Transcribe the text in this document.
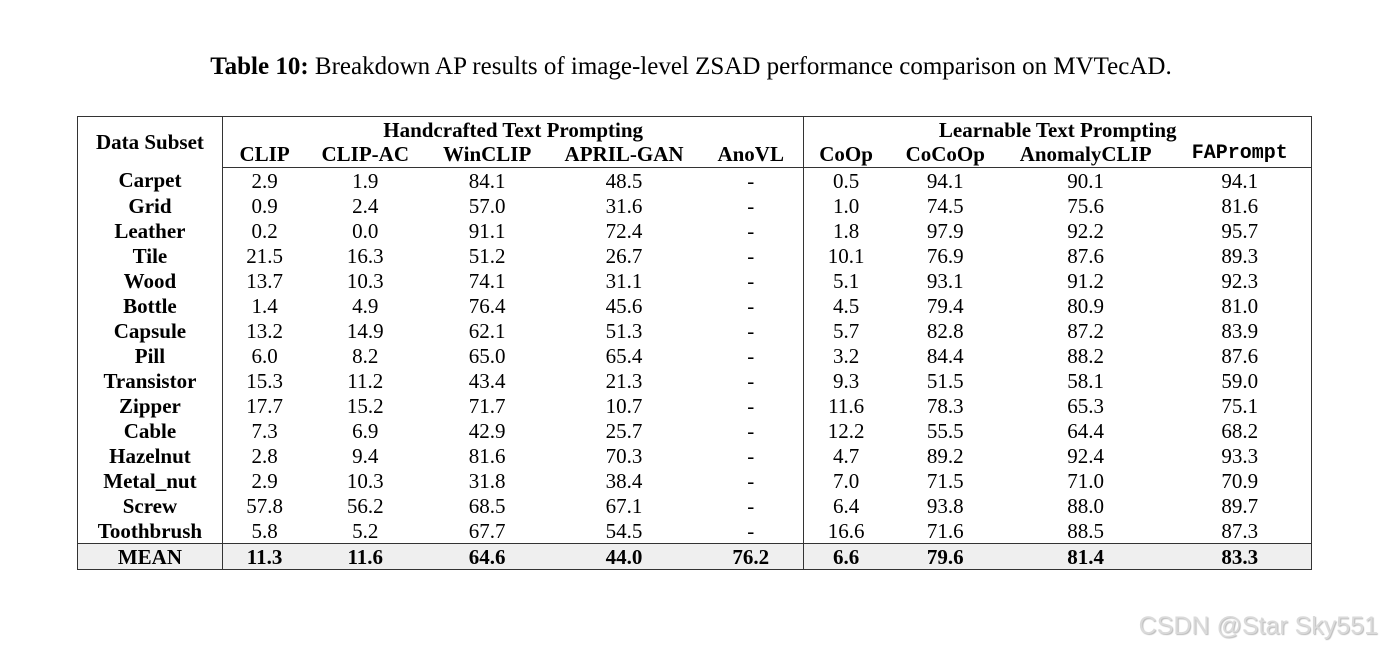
Table 10: Breakdown AP results of image-level ZSAD performance comparison on MVTecAD.
Data Subset	Handcrafted Text Prompting					Learnable Text Prompting			
	CLIP	CLIP-AC	WinCLIP	APRIL-GAN	AnoVL	CoOp	CoCoOp	AnomalyCLIP	FAPrompt
Carpet	2.9	1.9	84.1	48.5	-	0.5	94.1	90.1	94.1
Grid	0.9	2.4	57.0	31.6	-	1.0	74.5	75.6	81.6
Leather	0.2	0.0	91.1	72.4	-	1.8	97.9	92.2	95.7
Tile	21.5	16.3	51.2	26.7	-	10.1	76.9	87.6	89.3
Wood	13.7	10.3	74.1	31.1	-	5.1	93.1	91.2	92.3
Bottle	1.4	4.9	76.4	45.6	-	4.5	79.4	80.9	81.0
Capsule	13.2	14.9	62.1	51.3	-	5.7	82.8	87.2	83.9
Pill	6.0	8.2	65.0	65.4	-	3.2	84.4	88.2	87.6
Transistor	15.3	11.2	43.4	21.3	-	9.3	51.5	58.1	59.0
Zipper	17.7	15.2	71.7	10.7	-	11.6	78.3	65.3	75.1
Cable	7.3	6.9	42.9	25.7	-	12.2	55.5	64.4	68.2
Hazelnut	2.8	9.4	81.6	70.3	-	4.7	89.2	92.4	93.3
Metal_nut	2.9	10.3	31.8	38.4	-	7.0	71.5	71.0	70.9
Screw	57.8	56.2	68.5	67.1	-	6.4	93.8	88.0	89.7
Toothbrush	5.8	5.2	67.7	54.5	-	16.6	71.6	88.5	87.3
MEAN	11.3	11.6	64.6	44.0	76.2	6.6	79.6	81.4	83.3
CSDN @Star Sky551
